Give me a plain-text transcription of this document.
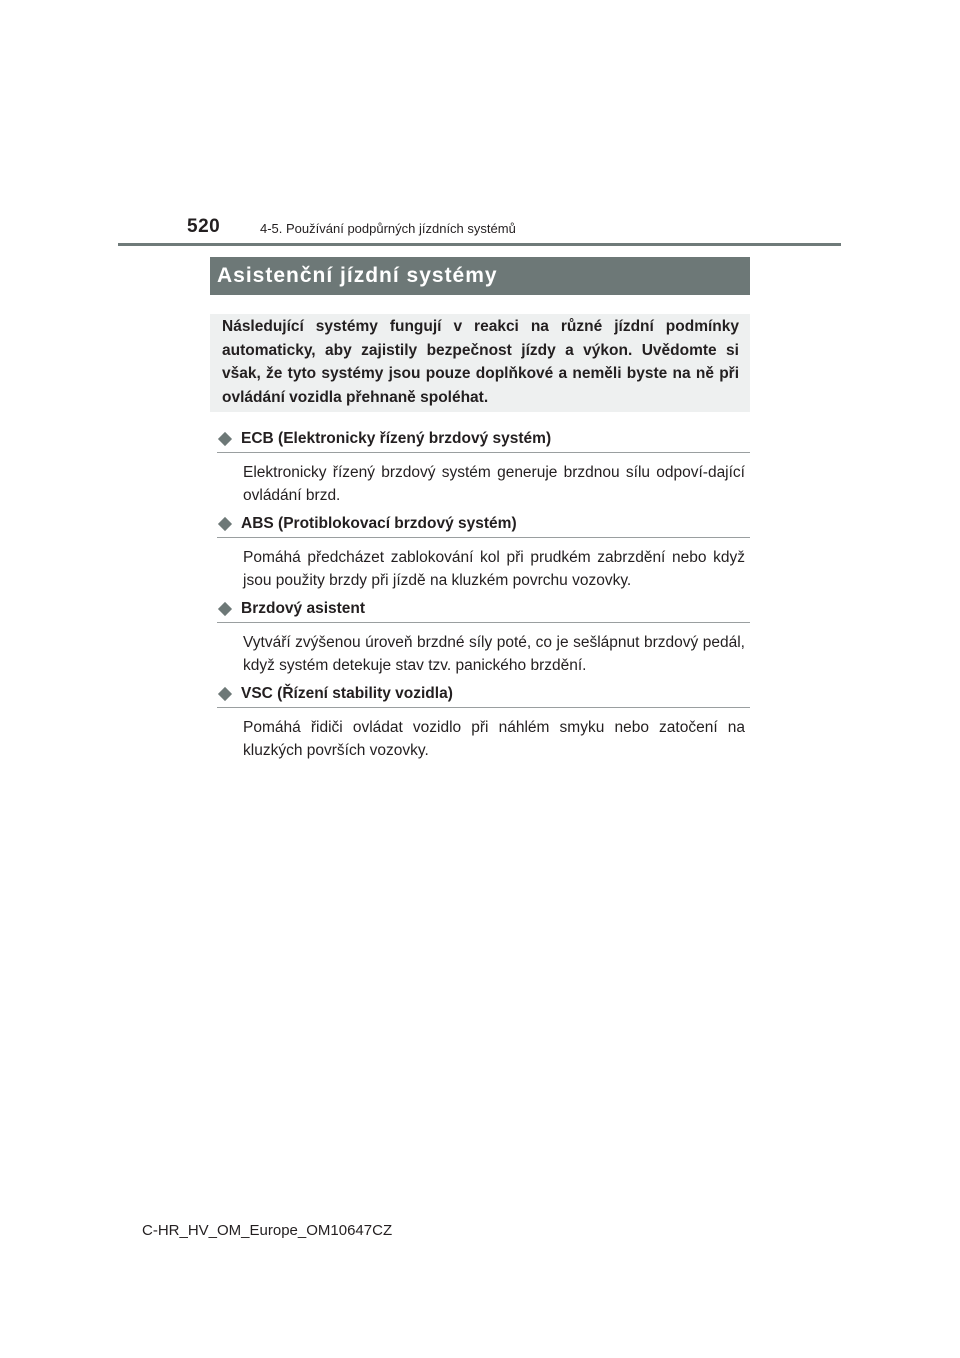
520	4-5. Používání podpůrných jízdních systémů
Asistenční jízdní systémy
Následující systémy fungují v reakci na různé jízdní podmínky automaticky, aby zajistily bezpečnost jízdy a výkon. Uvědomte si však, že tyto systémy jsou pouze doplňkové a neměli byste na ně při ovládání vozidla přehnaně spoléhat.
ECB (Elektronicky řízený brzdový systém)
Elektronicky řízený brzdový systém generuje brzdnou sílu odpoví-dající ovládání brzd.
ABS (Protiblokovací brzdový systém)
Pomáhá předcházet zablokování kol při prudkém zabrzdění nebo když jsou použity brzdy při jízdě na kluzkém povrchu vozovky.
Brzdový asistent
Vytváří zvýšenou úroveň brzdné síly poté, co je sešlápnut brzdový pedál, když systém detekuje stav tzv. panického brzdění.
VSC (Řízení stability vozidla)
Pomáhá řidiči ovládat vozidlo při náhlém smyku nebo zatočení na kluzkých površích vozovky.
C-HR_HV_OM_Europe_OM10647CZ
